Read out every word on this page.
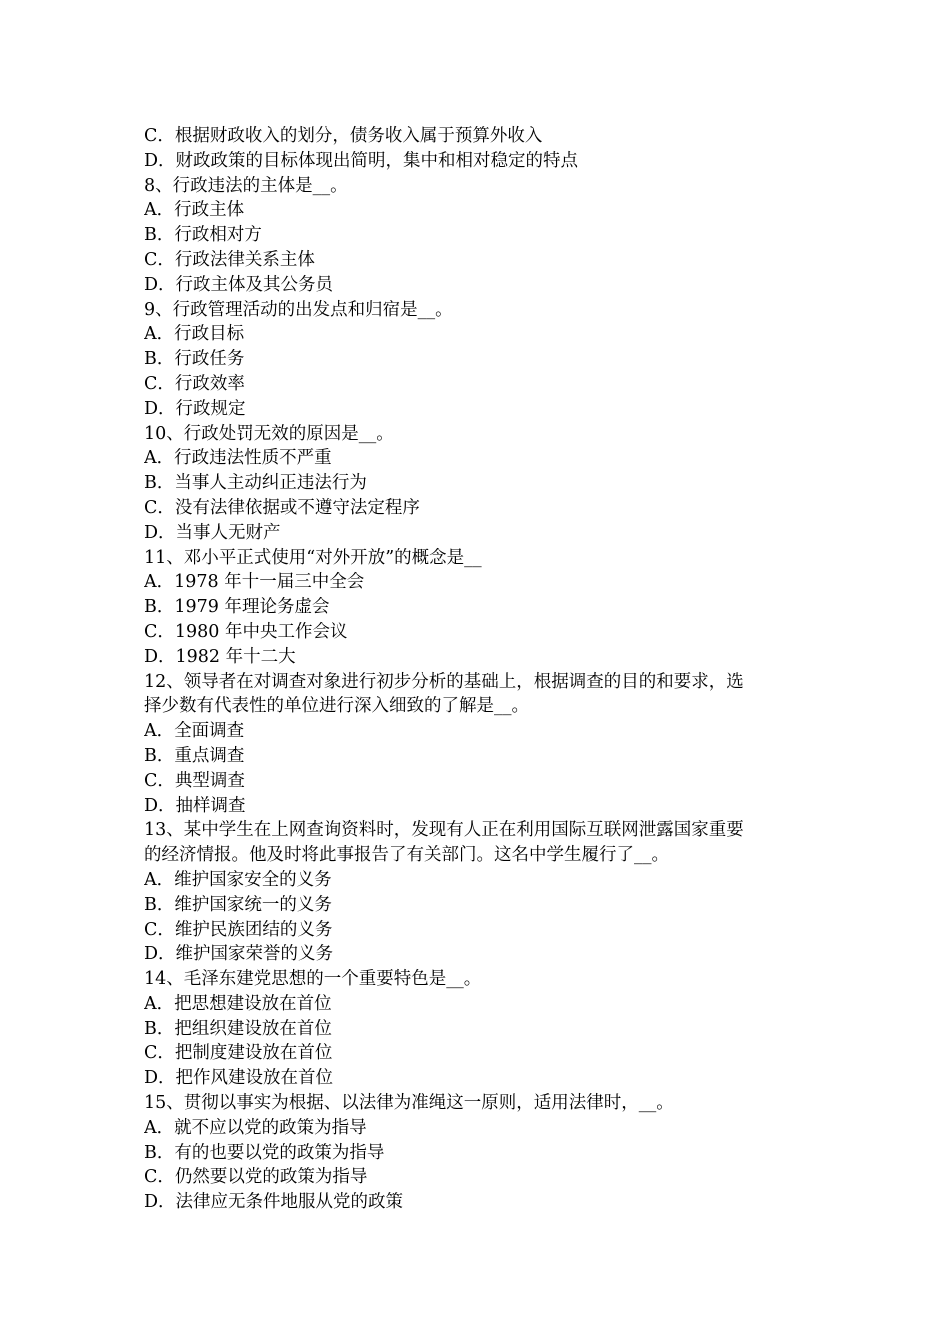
C．根据财政收入的划分，债务收入属于预算外收入
D．财政政策的目标体现出简明，集中和相对稳定的特点
8、行政违法的主体是__。
A．行政主体
B．行政相对方
C．行政法律关系主体
D．行政主体及其公务员
9、行政管理活动的出发点和归宿是__。
A．行政目标
B．行政任务
C．行政效率
D．行政规定
10、行政处罚无效的原因是__。
A．行政违法性质不严重
B．当事人主动纠正违法行为
C．没有法律依据或不遵守法定程序
D．当事人无财产
11、邓小平正式使用“对外开放”的概念是__
A．1978 年十一届三中全会
B．1979 年理论务虚会
C．1980 年中央工作会议
D．1982 年十二大
12、领导者在对调查对象进行初步分析的基础上，根据调查的目的和要求，选
择少数有代表性的单位进行深入细致的了解是__。
A．全面调查
B．重点调查
C．典型调查
D．抽样调查
13、某中学生在上网查询资料时，发现有人正在利用国际互联网泄露国家重要
的经济情报。他及时将此事报告了有关部门。这名中学生履行了__。
A．维护国家安全的义务
B．维护国家统一的义务
C．维护民族团结的义务
D．维护国家荣誉的义务
14、毛泽东建党思想的一个重要特色是__。
A．把思想建设放在首位
B．把组织建设放在首位
C．把制度建设放在首位
D．把作风建设放在首位
15、贯彻以事实为根据、以法律为准绳这一原则，适用法律时，__。
A．就不应以党的政策为指导
B．有的也要以党的政策为指导
C．仍然要以党的政策为指导
D．法律应无条件地服从党的政策
